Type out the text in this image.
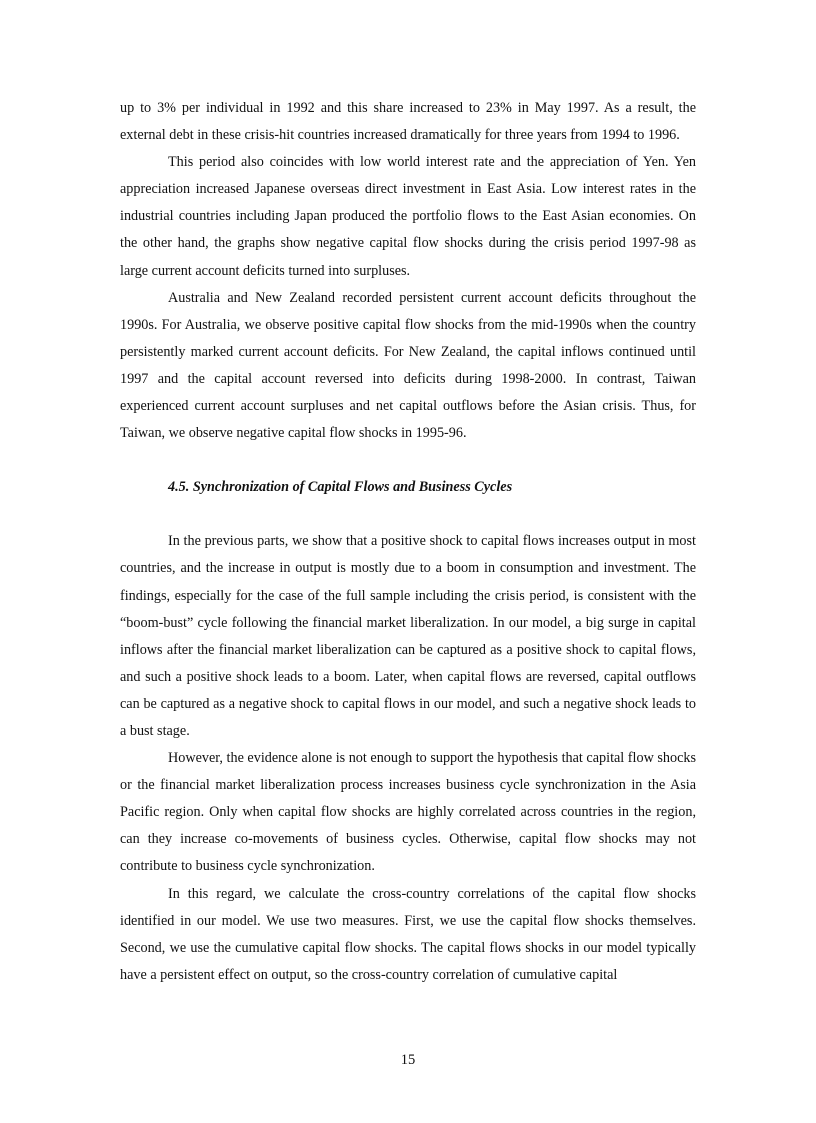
up to 3% per individual in 1992 and this share increased to 23% in May 1997. As a result, the external debt in these crisis-hit countries increased dramatically for three years from 1994 to 1996.

This period also coincides with low world interest rate and the appreciation of Yen. Yen appreciation increased Japanese overseas direct investment in East Asia. Low interest rates in the industrial countries including Japan produced the portfolio flows to the East Asian economies. On the other hand, the graphs show negative capital flow shocks during the crisis period 1997-98 as large current account deficits turned into surpluses.

Australia and New Zealand recorded persistent current account deficits throughout the 1990s. For Australia, we observe positive capital flow shocks from the mid-1990s when the country persistently marked current account deficits. For New Zealand, the capital inflows continued until 1997 and the capital account reversed into deficits during 1998-2000. In contrast, Taiwan experienced current account surpluses and net capital outflows before the Asian crisis. Thus, for Taiwan, we observe negative capital flow shocks in 1995-96.

4.5. Synchronization of Capital Flows and Business Cycles

In the previous parts, we show that a positive shock to capital flows increases output in most countries, and the increase in output is mostly due to a boom in consumption and investment. The findings, especially for the case of the full sample including the crisis period, is consistent with the “boom-bust” cycle following the financial market liberalization. In our model, a big surge in capital inflows after the financial market liberalization can be captured as a positive shock to capital flows, and such a positive shock leads to a boom. Later, when capital flows are reversed, capital outflows can be captured as a negative shock to capital flows in our model, and such a negative shock leads to a bust stage.

However, the evidence alone is not enough to support the hypothesis that capital flow shocks or the financial market liberalization process increases business cycle synchronization in the Asia Pacific region. Only when capital flow shocks are highly correlated across countries in the region, can they increase co-movements of business cycles. Otherwise, capital flow shocks may not contribute to business cycle synchronization.

In this regard, we calculate the cross-country correlations of the capital flow shocks identified in our model. We use two measures. First, we use the capital flow shocks themselves. Second, we use the cumulative capital flow shocks. The capital flows shocks in our model typically have a persistent effect on output, so the cross-country correlation of cumulative capital

15
